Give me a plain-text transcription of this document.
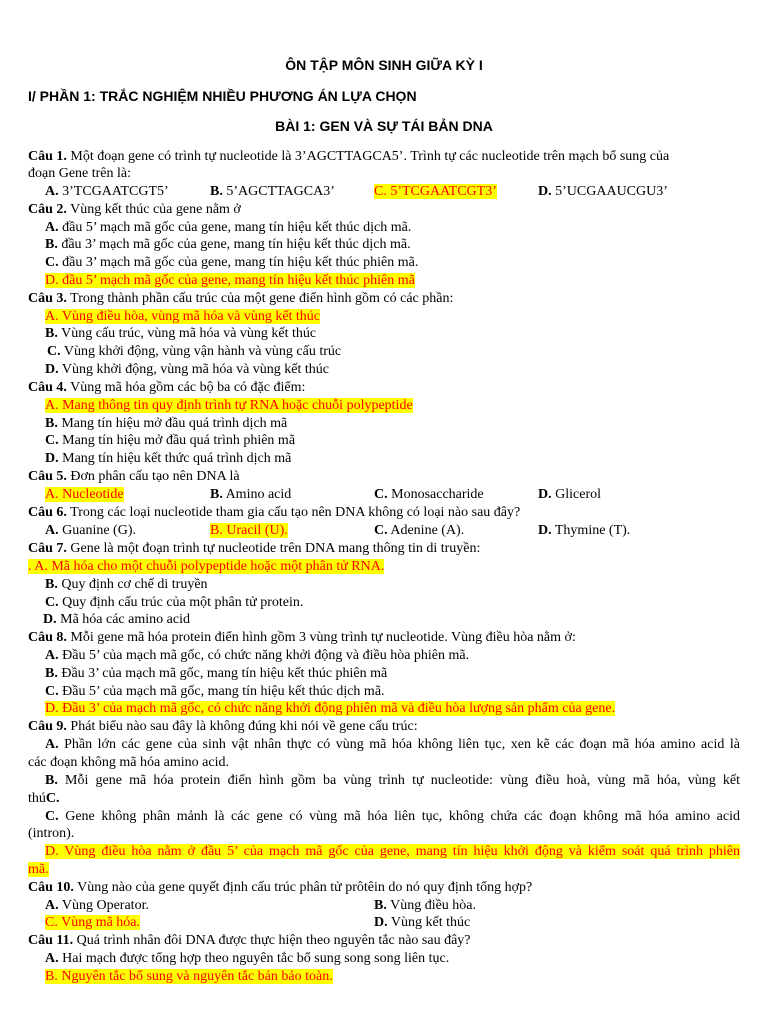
ÔN TẬP MÔN SINH GIỮA KỲ I
I/ PHẦN 1: TRẮC NGHIỆM NHIỀU PHƯƠNG ÁN LỰA CHỌN
BÀI 1: GEN VÀ SỰ TÁI BẢN DNA
Câu 1. Một đoạn gene có trình tự nucleotide là 3’AGCTTAGCA5’. Trình tự các nucleotide trên mạch bổ sung của
đoạn Gene trên là:
A. 3’TCGAATCGT5’	B. 5’AGCTTAGCA3’	C. 5’TCGAATCGT3’	D. 5’UCGAAUCGU3’
Câu 2. Vùng kết thúc của gene nằm ở
A. đầu 5’ mạch mã gốc của gene, mang tín hiệu kết thúc dịch mã.
B. đầu 3’ mạch mã gốc của gene, mang tín hiệu kết thúc dịch mã.
C. đầu 3’ mạch mã gốc của gene, mang tín hiệu kết thúc phiên mã.
D. đầu 5’ mạch mã gốc của gene, mang tín hiệu kết thúc phiên mã
Câu 3. Trong thành phần cấu trúc của một gene điển hình gồm có các phần:
A. Vùng điều hòa, vùng mã hóa và vùng kết thúc
B. Vùng cấu trúc, vùng mã hóa và vùng kết thúc
C. Vùng khởi động, vùng vận hành và vùng cấu trúc
D. Vùng khởi động, vùng mã hóa và vùng kết thúc
Câu 4. Vùng mã hóa gồm các bộ ba có đặc điểm:
A. Mang thông tin quy định trình tự RNA hoặc chuỗi polypeptide
B. Mang tín hiệu mở đầu quá trình dịch mã
C. Mang tín hiệu mở đầu quá trình phiên mã
D. Mang tín hiệu kết thức quá trình dịch mã
Câu 5. Đơn phân cấu tạo nên DNA là
A. Nucleotide	B. Amino acid	C. Monosaccharide	D. Glicerol
Câu 6. Trong các loại nucleotide tham gia cấu tạo nên DNA không có loại nào sau đây?
A. Guanine (G).	B. Uracil (U).	C. Adenine (A).	D. Thymine (T).
Câu 7. Gene là một đoạn trình tự nucleotide trên DNA mang thông tin di truyền:
. A. Mã hóa cho một chuỗi polypeptide hoặc một phân tử RNA.
B. Quy định cơ chế di truyền
C. Quy định cấu trúc của một phân tử protein.
D. Mã hóa các amino acid
Câu 8. Mỗi gene mã hóa protein điển hình gồm 3 vùng trình tự nucleotide. Vùng điều hòa nằm ở:
A. Đầu 5’ của mạch mã gốc, có chức năng khởi động và điều hòa phiên mã.
B. Đầu 3’ của mạch mã gốc, mang tín hiệu kết thúc phiên mã
C. Đầu 5’ của mạch mã gốc, mang tín hiệu kết thúc dịch mã.
D. Đầu 3’ của mạch mã gốc, có chức năng khởi động phiên mã và điều hòa lượng sản phẩm của gene.
Câu 9. Phát biểu nào sau đây là không đúng khi nói về gene cấu trúc:
A. Phần lớn các gene của sinh vật nhân thực có vùng mã hóa không liên tục, xen kẽ các đoạn mã hóa amino acid là
các đoạn không mã hóa amino acid.
B. Mỗi gene mã hóa protein điển hình gồm ba vùng trình tự nucleotide: vùng điều hoà, vùng mã hóa, vùng kết
thúC.
C. Gene không phân mảnh là các gene có vùng mã hóa liên tục, không chứa các đoạn không mã hóa amino acid
(intron).
D. Vùng điều hòa nằm ở đầu 5’ của mạch mã gốc của gene, mang tín hiệu khởi động và kiểm soát quá trình phiên
mã.
Câu 10. Vùng nào của gene quyết định cấu trúc phân tử prôtêin do nó quy định tổng hợp?
A. Vùng Operator.	B. Vùng điều hòa.
C. Vùng mã hóa.	D. Vùng kết thúc
Câu 11. Quá trình nhân đôi DNA được thực hiện theo nguyên tắc nào sau đây?
A. Hai mạch được tổng hợp theo nguyên tắc bổ sung song song liên tục.
B. Nguyên tắc bổ sung và nguyên tắc bán bảo toàn.
